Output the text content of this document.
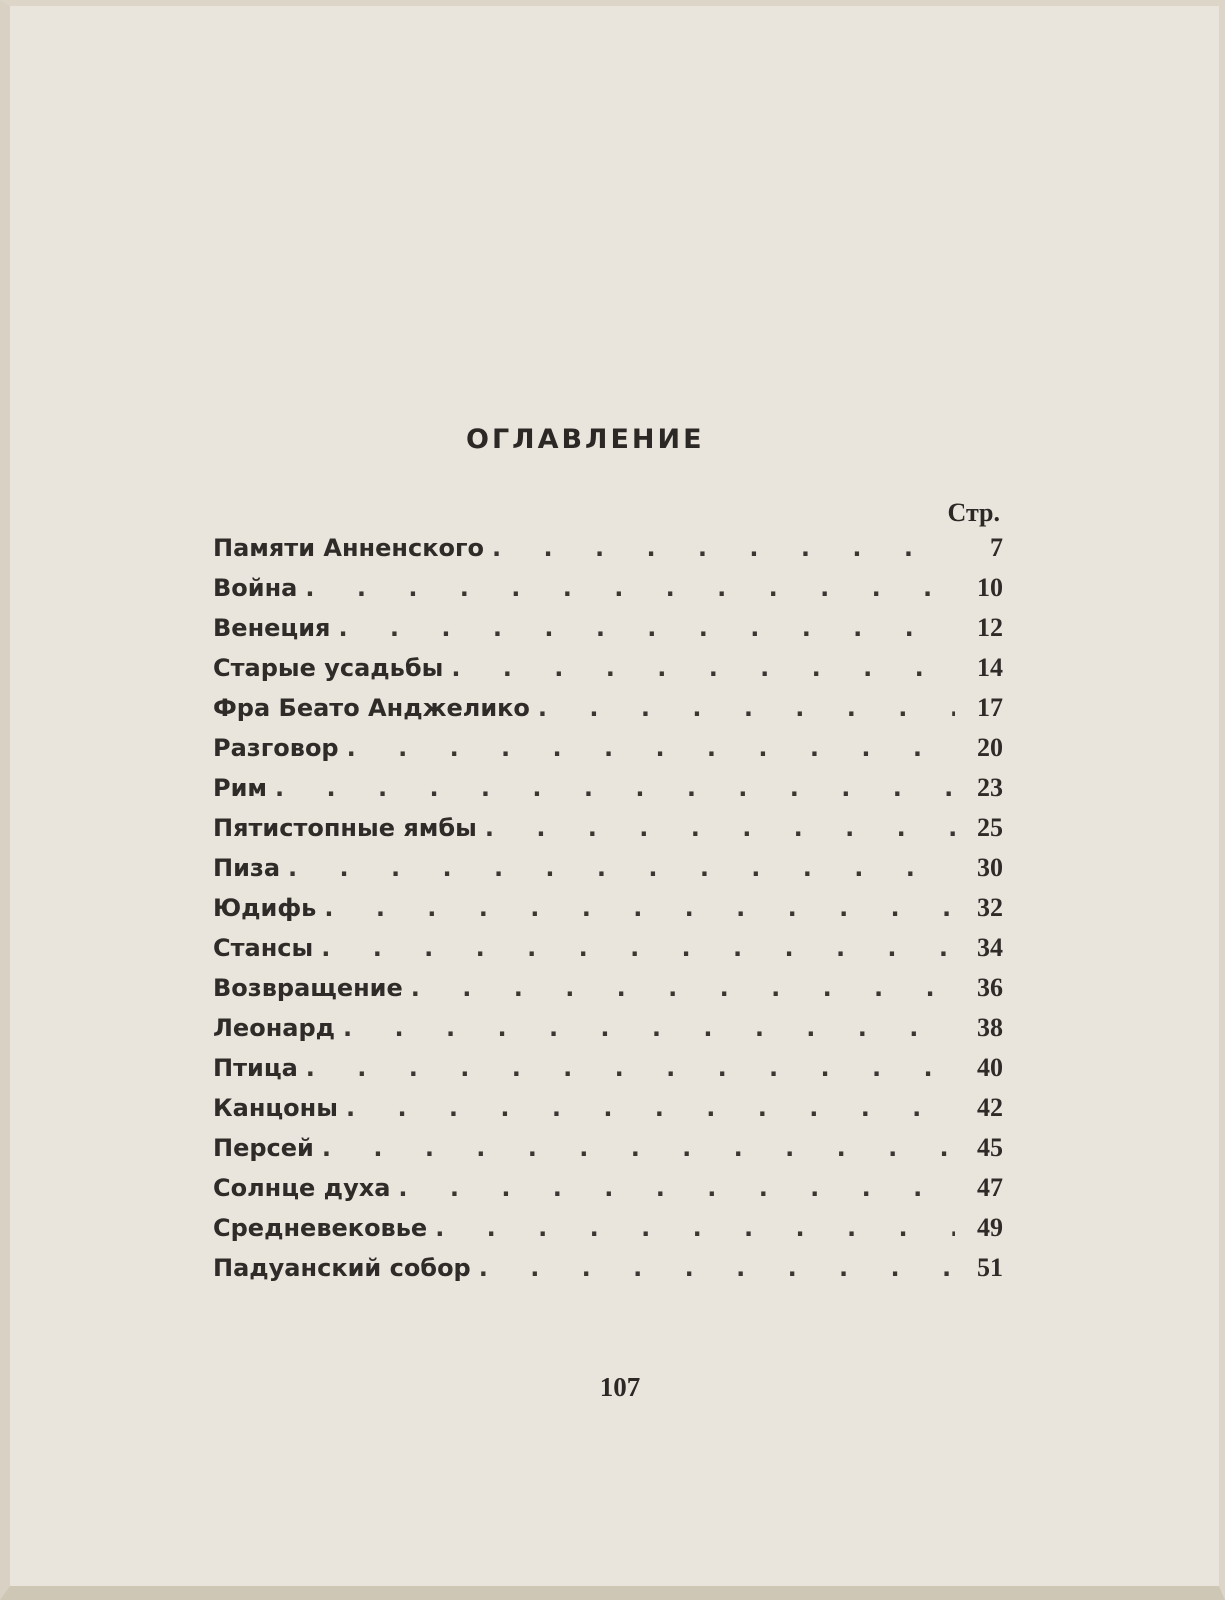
ОГЛАВЛЕНИЕ
Стр.
Памяти Анненского . . .	7
Война . . .	10
Венеция . . .	12
Старые усадьбы . . .	14
Фра Беато Анджелико . . .	17
Разговор . . .	20
Рим . . .	23
Пятистопные ямбы . . .	25
Пиза . . .	30
Юдифь . . .	32
Стансы . . .	34
Возвращение . . .	36
Леонард . . .	38
Птица . . .	40
Канцоны . . .	42
Персей . . .	45
Солнце духа . . .	47
Средневековье . . .	49
Падуанский собор . . .	51
107
